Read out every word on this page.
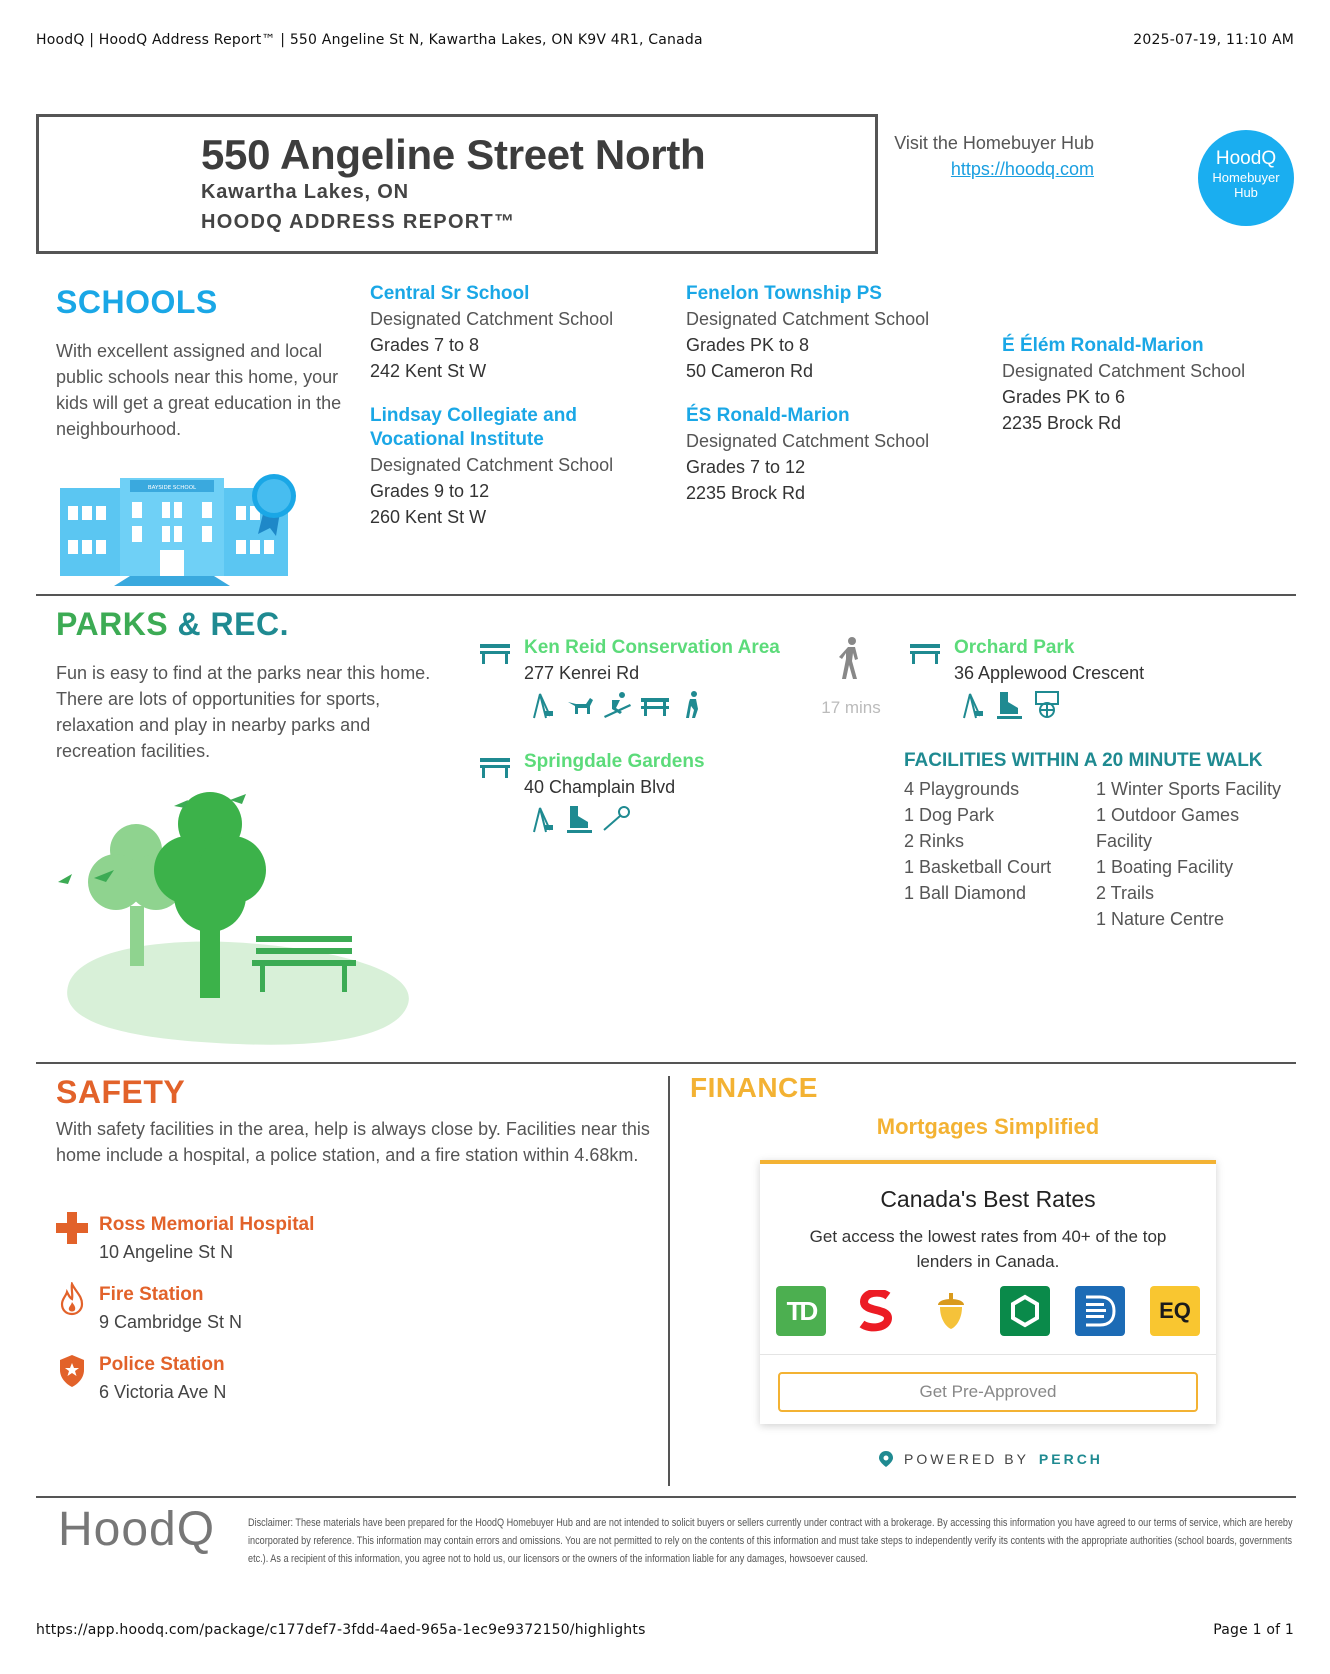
HoodQ | HoodQ Address Report™ | 550 Angeline St N, Kawartha Lakes, ON K9V 4R1, Canada	2025-07-19, 11:10 AM
550 Angeline Street North
Kawartha Lakes, ON
HOODQ ADDRESS REPORT™
Visit the Homebuyer Hub
https://hoodq.com	HoodQ
Homebuyer
Hub
SCHOOLS
With excellent assigned and local public schools near this home, your kids will get a great education in the neighbourhood.
BAYSIDE SCHOOL
Central Sr School
Designated Catchment School
Grades 7 to 8
242 Kent St W
Lindsay Collegiate and
Vocational Institute
Designated Catchment School
Grades 9 to 12
260 Kent St W
Fenelon Township PS
Designated Catchment School
Grades PK to 8
50 Cameron Rd
ÉS Ronald-Marion
Designated Catchment School
Grades 7 to 12
2235 Brock Rd
É Élém Ronald-Marion
Designated Catchment School
Grades PK to 6
2235 Brock Rd
PARKS & REC.
Fun is easy to find at the parks near this home. There are lots of opportunities for sports, relaxation and play in nearby parks and recreation facilities.
Ken Reid Conservation Area
277 Kenrei Rd
17 mins
Orchard Park
36 Applewood Crescent
Springdale Gardens
40 Champlain Blvd
FACILITIES WITHIN A 20 MINUTE WALK
4 Playgrounds
1 Dog Park
2 Rinks
1 Basketball Court
1 Ball Diamond
1 Winter Sports Facility
1 Outdoor Games
Facility
1 Boating Facility
2 Trails
1 Nature Centre
SAFETY
With safety facilities in the area, help is always close by. Facilities near this home include a hospital, a police station, and a fire station within 4.68km.
Ross Memorial Hospital
10 Angeline St N
Fire Station
9 Cambridge St N
Police Station
6 Victoria Ave N
FINANCE
Mortgages Simplified
Canada's Best Rates
Get access the lowest rates from 40+ of the top lenders in Canada.
TD	EQ
Get Pre-Approved
POWERED BY PERCH
HoodQ	Disclaimer: These materials have been prepared for the HoodQ Homebuyer Hub and are not intended to solicit buyers or sellers currently under contract with a brokerage. By accessing this information you have agreed to our terms of service, which are hereby incorporated by reference. This information may contain errors and omissions. You are not permitted to rely on the contents of this information and must take steps to independently verify its contents with the appropriate authorities (school boards, governments etc.). As a recipient of this information, you agree not to hold us, our licensors or the owners of the information liable for any damages, howsoever caused.
https://app.hoodq.com/package/c177def7-3fdd-4aed-965a-1ec9e9372150/highlights	Page 1 of 1
